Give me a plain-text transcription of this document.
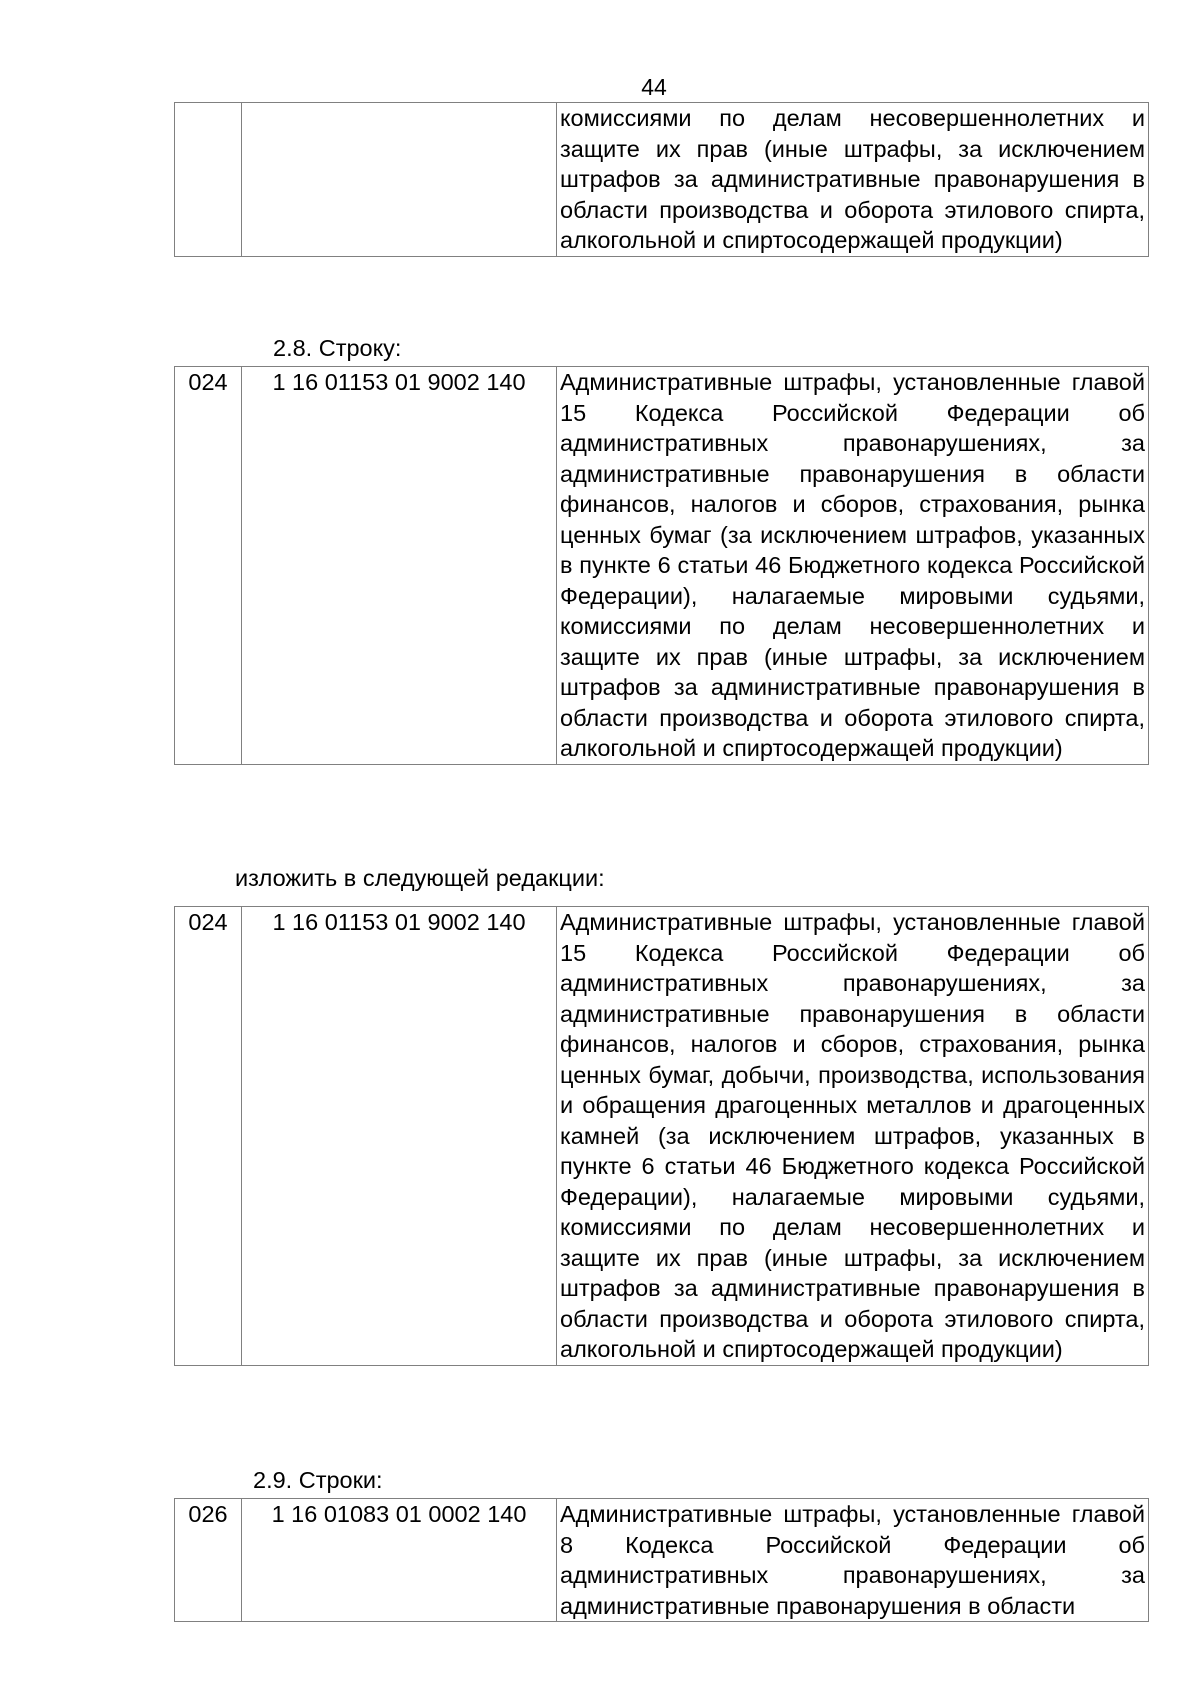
44
		комиссиями по делам несовершеннолетних и защите их прав (иные штрафы, за исключением штрафов за административные правонарушения в области производства и оборота этилового спирта, алкогольной и спиртосодержащей продукции)
2.8. Строку:
024	1 16 01153 01 9002 140	Административные штрафы, установленные главой 15 Кодекса Российской Федерации об административных правонарушениях, за административные правонарушения в области финансов, налогов и сборов, страхования, рынка ценных бумаг (за исключением штрафов, указанных в пункте 6 статьи 46 Бюджетного кодекса Российской Федерации), налагаемые мировыми судьями, комиссиями по делам несовершеннолетних и защите их прав (иные штрафы, за исключением штрафов за административные правонарушения в области производства и оборота этилового спирта, алкогольной и спиртосодержащей продукции)
изложить в следующей редакции:
024	1 16 01153 01 9002 140	Административные штрафы, установленные главой 15 Кодекса Российской Федерации об административных правонарушениях, за административные правонарушения в области финансов, налогов и сборов, страхования, рынка ценных бумаг, добычи, производства, использования и обращения драгоценных металлов и драгоценных камней (за исключением штрафов, указанных в пункте 6 статьи 46 Бюджетного кодекса Российской Федерации), налагаемые мировыми судьями, комиссиями по делам несовершеннолетних и защите их прав (иные штрафы, за исключением штрафов за административные правонарушения в области производства и оборота этилового спирта, алкогольной и спиртосодержащей продукции)
2.9. Строки:
026	1 16 01083 01 0002 140	Административные штрафы, установленные главой 8 Кодекса Российской Федерации об административных правонарушениях, за административные правонарушения в области
